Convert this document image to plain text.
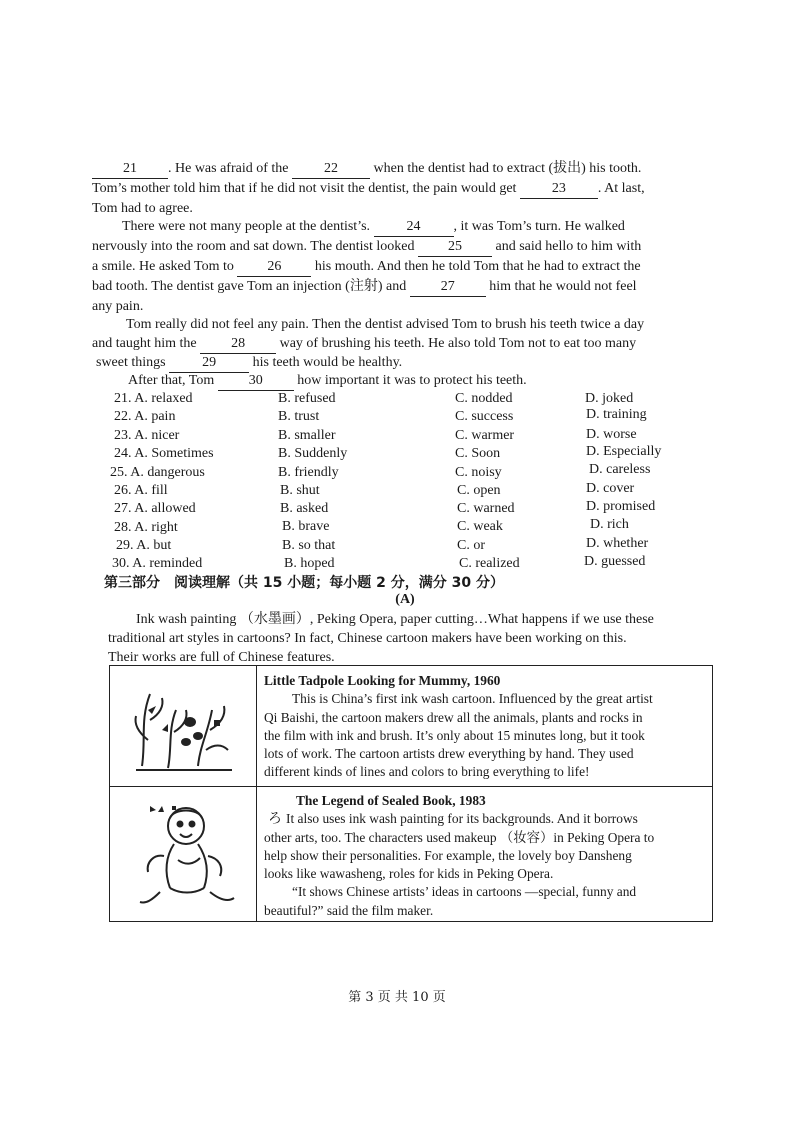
21 . He was afraid of the	22	when the dentist had to extract (拔出) his tooth.
Tom’s mother told him that if he did not visit the dentist, the pain would get	23 . At last,
Tom had to agree.
There were not many people at the dentist’s.	24 , it was Tom’s turn. He walked
nervously into the room and sat down. The dentist looked 25 and said hello to him with
a smile. He asked Tom to 26 his mouth. And then he told Tom that he had to extract the
bad tooth. The dentist gave Tom an injection (注射) and 27 him that he would not feel
any pain.
Tom really did not feel any pain. Then the dentist advised Tom to brush his teeth twice a day
and taught him the 28 way of brushing his teeth. He also told Tom not to eat too many
sweet things	29	his teeth would be healthy.
After that, Tom 30 how important it was to protect his teeth.
21. A. relaxed	B. refused	C. nodded	D. joked
22. A. pain	B. trust	C. success	D. training
23. A. nicer	B. smaller	C. warmer	D. worse
24. A. Sometimes	B. Suddenly	C. Soon	D. Especially
25. A. dangerous	B. friendly	C. noisy	D. careless
26. A. fill	B. shut	C. open	D. cover
27. A. allowed	B. asked	C. warned	D. promised
28. A. right	B. brave	C. weak	D. rich
29. A. but	B. so that	C. or	D. whether
30. A. reminded	B. hoped	C. realized	D. guessed
第三部分　阅读理解（共 15 小题；每小题 2 分，满分 30 分）
(A)
Ink wash painting （水墨画）, Peking Opera, paper cutting…What happens if we use these
traditional art styles in cartoons? In fact, Chinese cartoon makers have been working on this.
Their works are full of Chinese features.
Little Tadpole Looking for Mummy, 1960
This is China’s first ink wash cartoon. Influenced by the great artist
Qi Baishi, the cartoon makers drew all the animals, plants and rocks in
the film with ink and brush. It’s only about 15 minutes long, but it took
lots of work. The cartoon artists drew everything by hand. They used
different kinds of lines and colors to bring everything to life!
The Legend of Sealed Book, 1983
ろ It also uses ink wash painting for its backgrounds. And it borrows
other arts, too. The characters used makeup （妆容）in Peking Opera to
help show their personalities. For example, the lovely boy Dansheng
looks like wawasheng, roles for kids in Peking Opera.
“It shows Chinese artists’ ideas in cartoons —special, funny and
beautiful?” said the film maker.
第 3 页 共 10 页
